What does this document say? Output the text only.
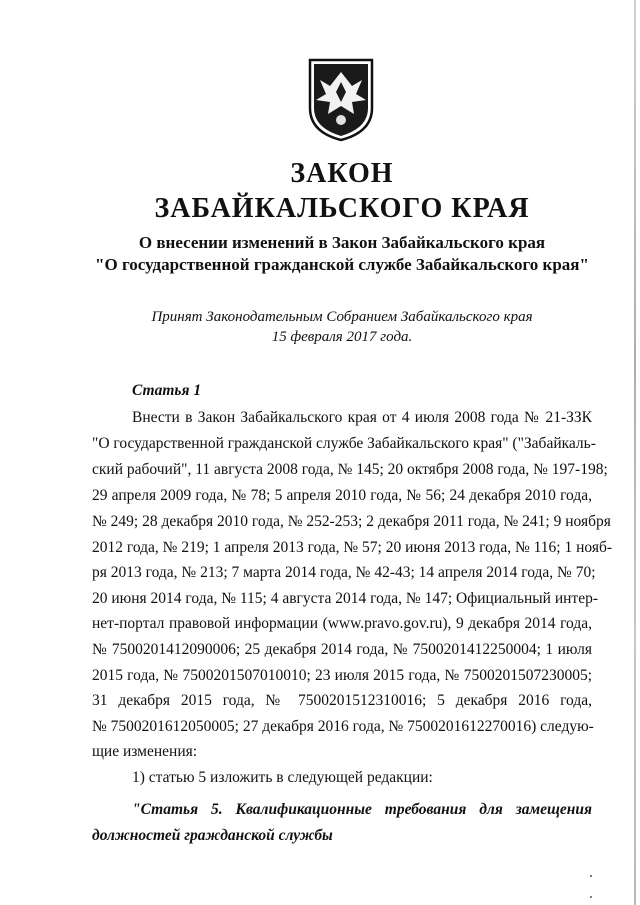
ЗАКОН
ЗАБАЙКАЛЬСКОГО КРАЯ
О внесении изменений в Закон Забайкальского края
"О государственной гражданской службе Забайкальского края"
Принят Законодательным Собранием Забайкальского края
15 февраля 2017 года.
Статья 1
Внести в Закон Забайкальского края от 4 июля 2008 года № 21-ЗЗК
"О государственной гражданской службе Забайкальского края" ("Забайкаль-
ский рабочий", 11 августа 2008 года, № 145; 20 октября 2008 года, № 197-198;
29 апреля 2009 года, № 78; 5 апреля 2010 года, № 56; 24 декабря 2010 года,
№ 249; 28 декабря 2010 года, № 252-253; 2 декабря 2011 года, № 241; 9 ноября
2012 года, № 219; 1 апреля 2013 года, № 57; 20 июня 2013 года, № 116; 1 нояб-
ря 2013 года, № 213; 7 марта 2014 года, № 42-43; 14 апреля 2014 года, № 70;
20 июня 2014 года, № 115; 4 августа 2014 года, № 147; Официальный интер-
нет-портал правовой информации (www.pravo.gov.ru), 9 декабря 2014 года,
№ 7500201412090006; 25 декабря 2014 года, № 7500201412250004; 1 июля
2015 года, № 7500201507010010; 23 июля 2015 года, № 7500201507230005;
31 декабря 2015 года, № 7500201512310016; 5 декабря 2016 года,
№ 7500201612050005; 27 декабря 2016 года, № 7500201612270016) следую-
щие изменения:
1) статью 5 изложить в следующей редакции:
"Статья 5. Квалификационные требования для замещения
должностей гражданской службы
